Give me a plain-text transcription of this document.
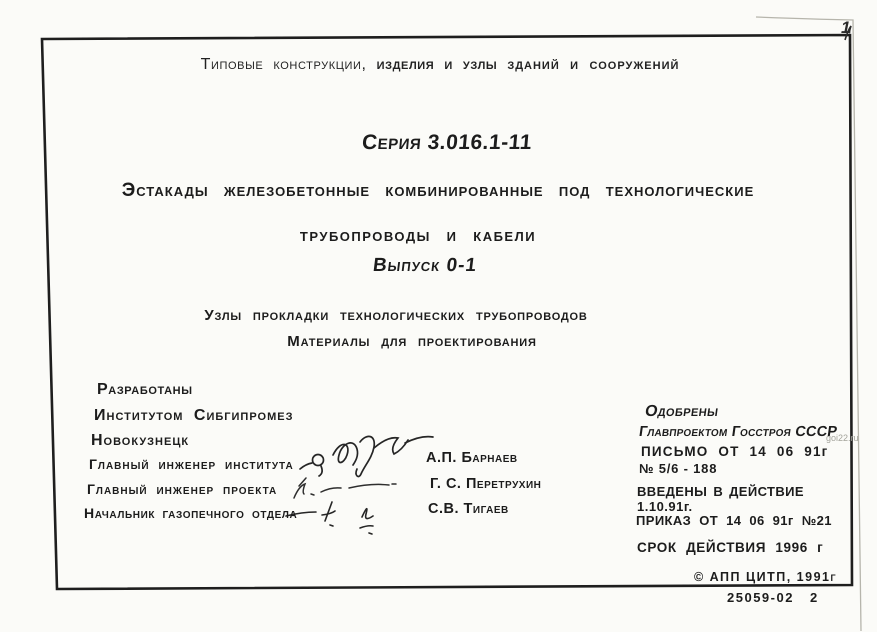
1
goi22.ru
Типовые конструкции, изделия и узлы зданий и сооружений
Серия 3.016.1-11
Эстакады железобетонные комбинированные под технологические
трубопроводы и кабели
Выпуск 0-1
Узлы прокладки технологических трубопроводов
Материалы для проектирования
Разработаны
Институтом Сибгипромез
Новокузнецк
Главный инженер института
Главный инженер проекта
Начальник газопечного отдела
А.П. Барнаев
Г. С. Перетрухин
С.В. Тигаев
Одобрены
Главпроектом Госстроя СССР
ПИСЬМО ОТ 14 06 91г
№ 5/6 - 188
ВВЕДЕНЫ В ДЕЙСТВИЕ
1.10.91г.
ПРИКАЗ ОТ 14 06 91г №21
СРОК ДЕЙСТВИЯ 1996 г
© АПП ЦИТП, 1991г
25059-02 2
